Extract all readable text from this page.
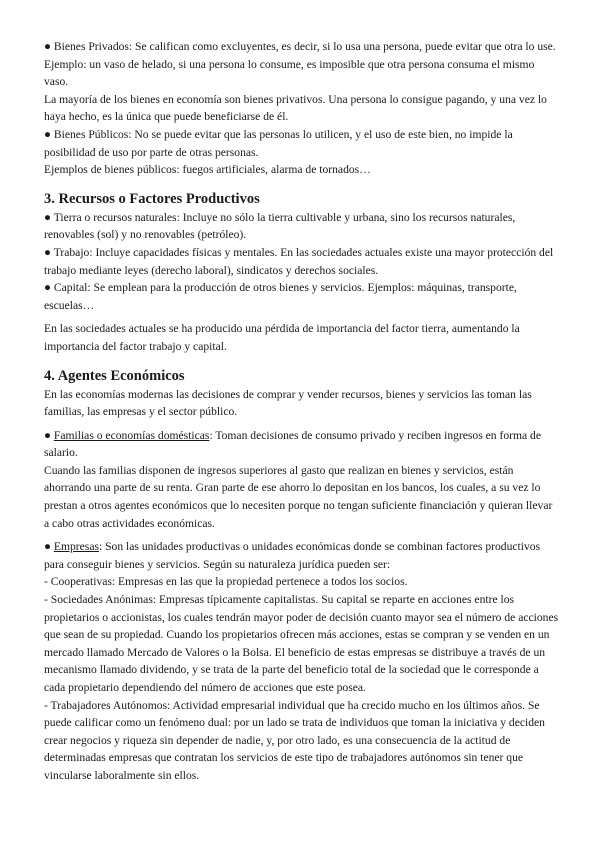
● Bienes Privados: Se califican como excluyentes, es decir, si lo usa una persona, puede evitar que otra lo use. Ejemplo: un vaso de helado, si una persona lo consume, es imposible que otra persona consuma el mismo vaso.

La mayoría de los bienes en economía son bienes privativos. Una persona lo consigue pagando, y una vez lo haya hecho, es la única que puede beneficiarse de él.

● Bienes Públicos: No se puede evitar que las personas lo utilicen, y el uso de este bien, no impide la posibilidad de uso por parte de otras personas.

Ejemplos de bienes públicos: fuegos artificiales, alarma de tornados…

3. Recursos o Factores Productivos

● Tierra o recursos naturales: Incluye no sólo la tierra cultivable y urbana, sino los recursos naturales, renovables (sol) y no renovables (petróleo).

● Trabajo: Incluye capacidades físicas y mentales. En las sociedades actuales existe una mayor protección del trabajo mediante leyes (derecho laboral), sindicatos y derechos sociales.

● Capital: Se emplean para la producción de otros bienes y servicios. Ejemplos: máquinas, transporte, escuelas…

En las sociedades actuales se ha producido una pérdida de importancia del factor tierra, aumentando la importancia del factor trabajo y capital.

4. Agentes Económicos

En las economías modernas las decisiones de comprar y vender recursos, bienes y servicios las toman las familias, las empresas y el sector público.

● Familias o economías domésticas: Toman decisiones de consumo privado y reciben ingresos en forma de salario.

Cuando las familias disponen de ingresos superiores al gasto que realizan en bienes y servicios, están ahorrando una parte de su renta. Gran parte de ese ahorro lo depositan en los bancos, los cuales, a su vez lo prestan a otros agentes económicos que lo necesiten porque no tengan suficiente financiación y quieran llevar a cabo otras actividades económicas.

● Empresas: Son las unidades productivas o unidades económicas donde se combinan factores productivos para conseguir bienes y servicios. Según su naturaleza jurídica pueden ser:

- Cooperativas: Empresas en las que la propiedad pertenece a todos los socios.

- Sociedades Anónimas: Empresas típicamente capitalistas. Su capital se reparte en acciones entre los propietarios o accionistas, los cuales tendrán mayor poder de decisión cuanto mayor sea el número de acciones que sean de su propiedad. Cuando los propietarios ofrecen más acciones, estas se compran y se venden en un mercado llamado Mercado de Valores o la Bolsa. El beneficio de estas empresas se distribuye a través de un mecanismo llamado dividendo, y se trata de la parte del beneficio total de la sociedad que le corresponde a cada propietario dependiendo del número de acciones que este posea.

- Trabajadores Autónomos: Actividad empresarial individual que ha crecido mucho en los últimos años. Se puede calificar como un fenómeno dual: por un lado se trata de individuos que toman la iniciativa y deciden crear negocios y riqueza sin depender de nadie, y, por otro lado, es una consecuencia de la actitud de determinadas empresas que contratan los servicios de este tipo de trabajadores autónomos sin tener que vincularse laboralmente sin ellos.
